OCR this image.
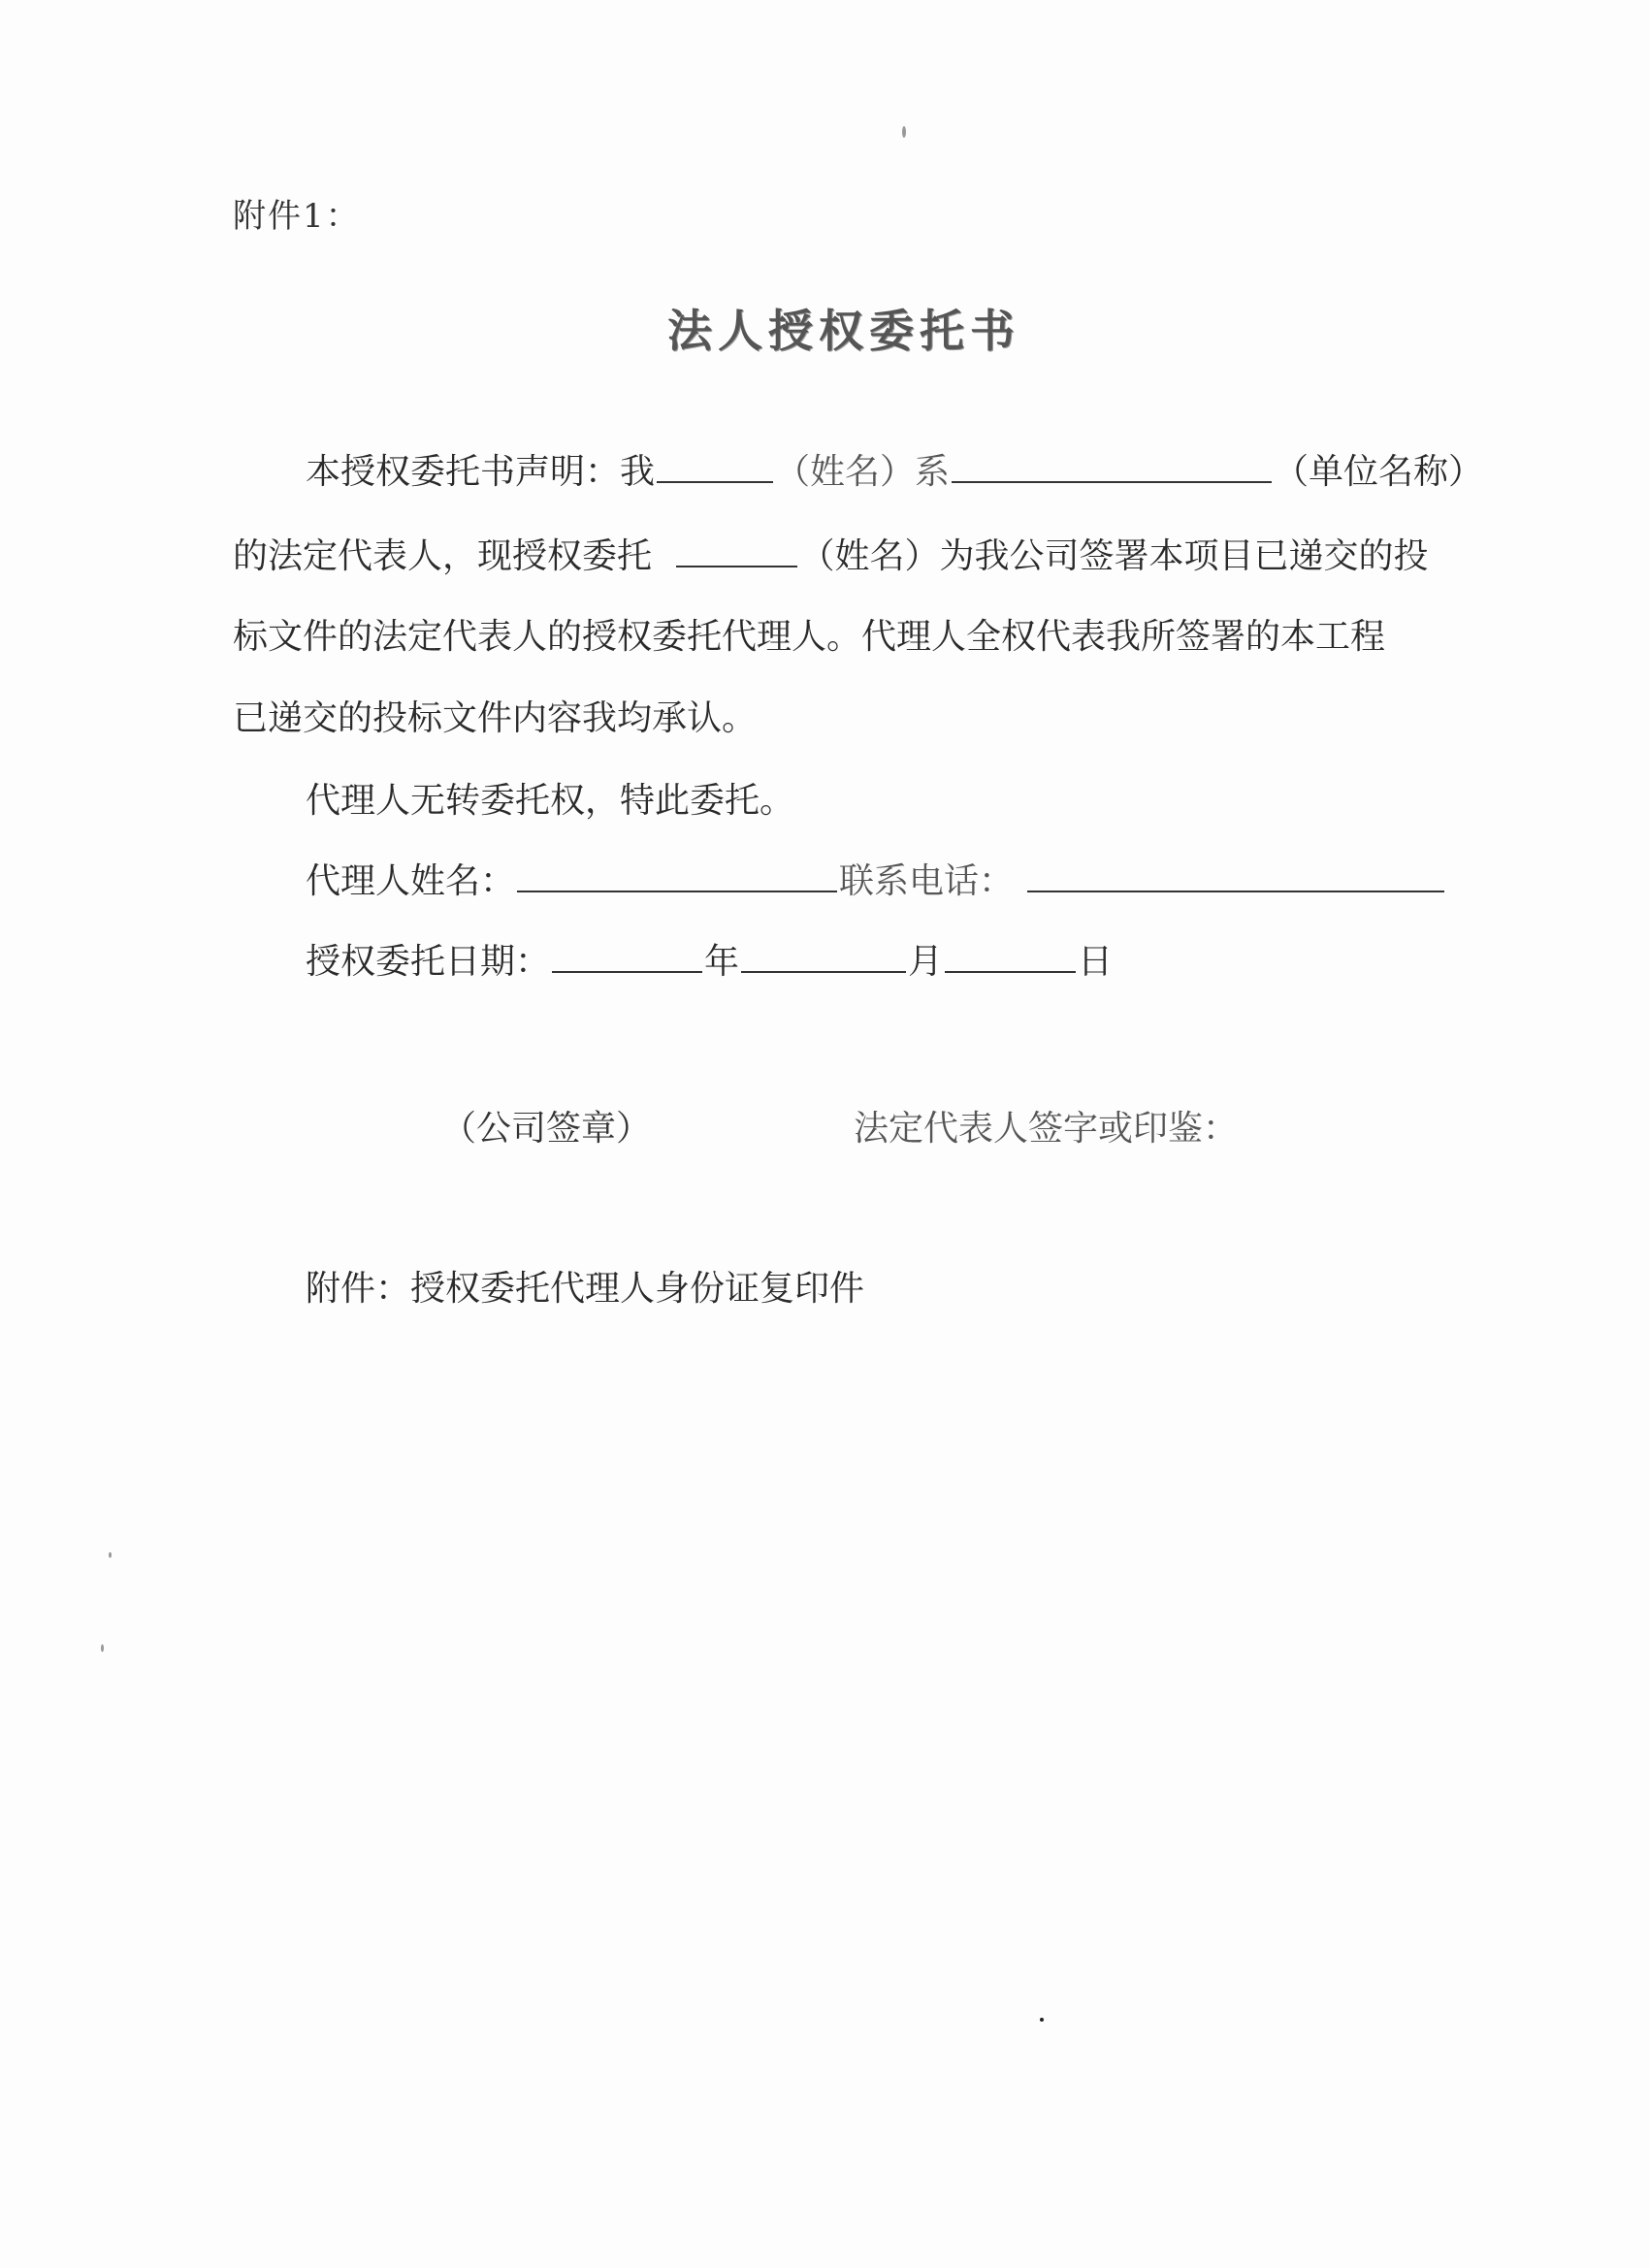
附件1：
法人授权委托书
本授权委托书声明：我	（姓名）系	（单位名称）
的法定代表人，现授权委托	（姓名）为我公司签署本项目已递交的投
标文件的法定代表人的授权委托代理人。代理人全权代表我所签署的本工程
已递交的投标文件内容我均承认。
代理人无转委托权，特此委托。
代理人姓名：	联系电话：
授权委托日期：	年	月	日
（公司签章）	法定代表人签字或印鉴：
附件：授权委托代理人身份证复印件
